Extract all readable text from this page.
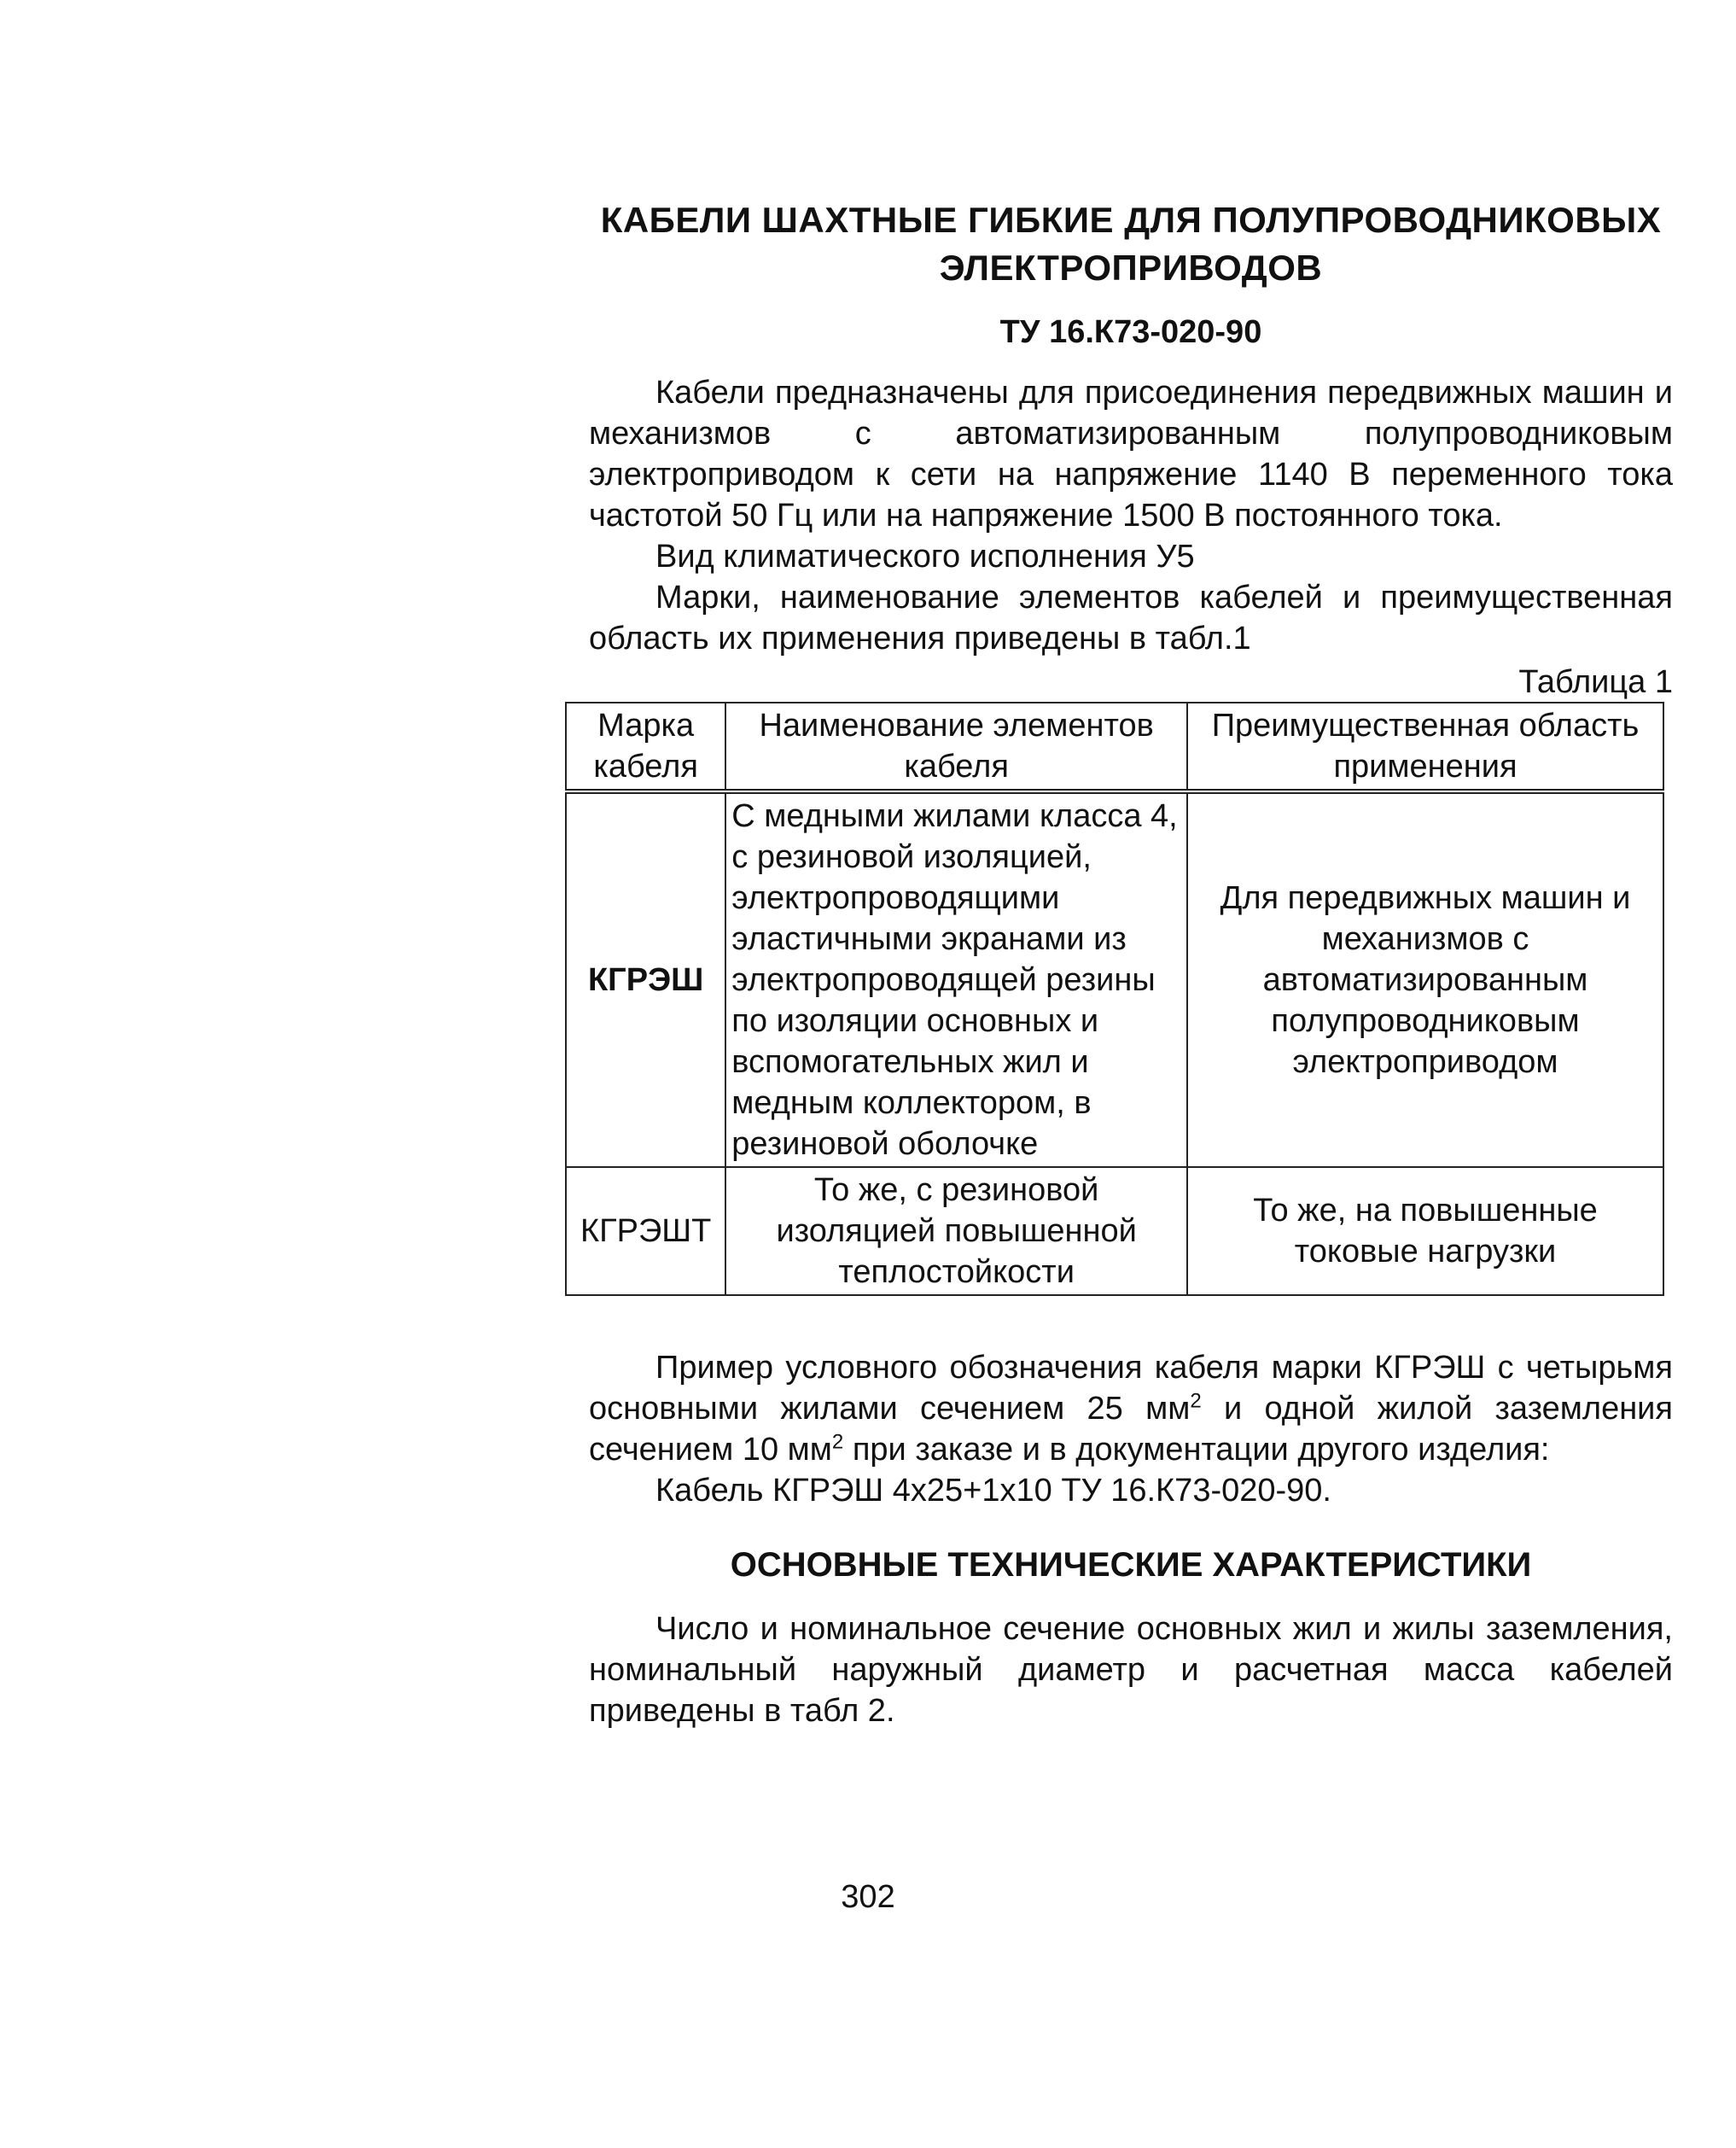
КАБЕЛИ ШАХТНЫЕ ГИБКИЕ ДЛЯ ПОЛУПРОВОДНИКОВЫХ
ЭЛЕКТРОПРИВОДОВ
ТУ 16.К73-020-90

Кабели предназначены для присоединения передвижных машин и механизмов с автоматизированным полупроводниковым электроприводом к сети на напряжение 1140 В переменного тока частотой 50 Гц или на напряжение 1500 В постоянного тока.

Вид климатического исполнения У5

Марки, наименование элементов кабелей и преимущественная область их применения приведены в табл.1

Таблица 1
Марка кабеля	Наименование элементов кабеля	Преимущественная область применения
КГРЭШ	С медными жилами класса 4, с резиновой изоляцией, электропроводящими эластичными экранами из электропроводящей резины по изоляции основных и вспомогательных жил и медным коллектором, в резиновой оболочке	Для передвижных машин и механизмов с автоматизированным полупроводниковым электроприводом
КГРЭШТ	То же, с резиновой изоляцией повышенной теплостойкости	То же, на повышенные токовые нагрузки

Пример условного обозначения кабеля марки КГРЭШ с четырьмя основными жилами сечением 25 $мм^2$ и одной жилой заземления сечением 10 $мм^2$ при заказе и в документации другого изделия:

Кабель КГРЭШ 4х25+1х10 ТУ 16.К73-020-90.

ОСНОВНЫЕ ТЕХНИЧЕСКИЕ ХАРАКТЕРИСТИКИ

Число и номинальное сечение основных жил и жилы заземления, номинальный наружный диаметр и расчетная масса кабелей приведены в табл 2.

302
